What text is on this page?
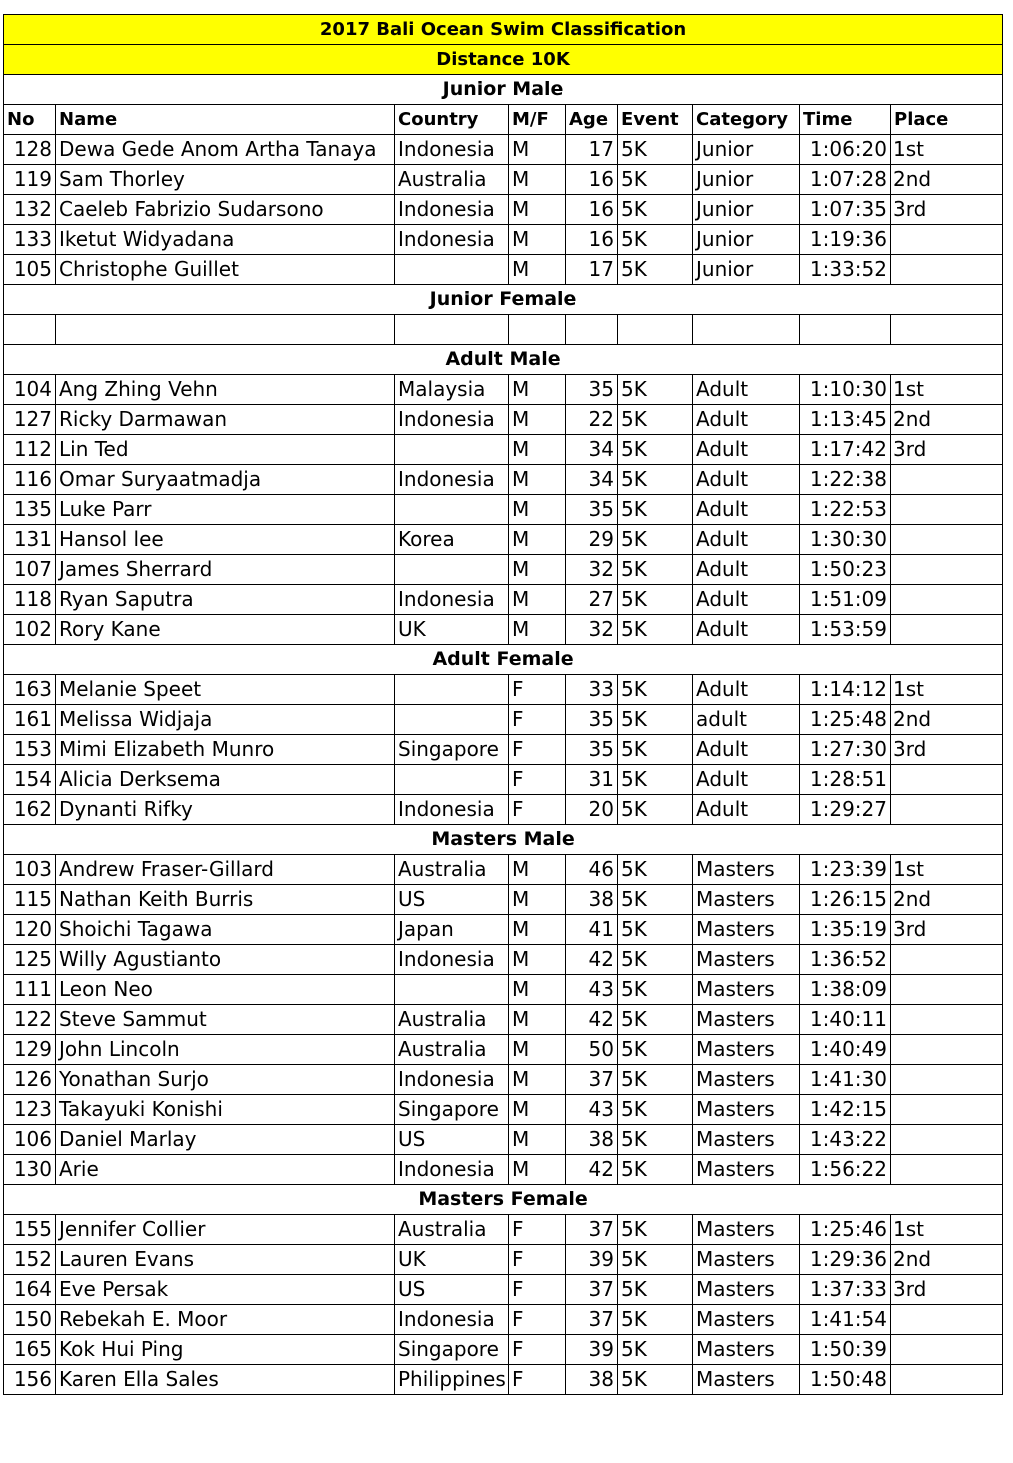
2017 Bali Ocean Swim Classification								
Distance 10K								
Junior Male								
No	Name	Country	M/F	Age	Event	Category	Time	Place
128	Dewa Gede Anom Artha Tanaya	Indonesia	M	17	5K	Junior	1:06:20	1st
119	Sam Thorley	Australia	M	16	5K	Junior	1:07:28	2nd
132	Caeleb Fabrizio Sudarsono	Indonesia	M	16	5K	Junior	1:07:35	3rd
133	Iketut Widyadana	Indonesia	M	16	5K	Junior	1:19:36	
105	Christophe Guillet		M	17	5K	Junior	1:33:52	
Junior Female								

Adult Male								
104	Ang Zhing Vehn	Malaysia	M	35	5K	Adult	1:10:30	1st
127	Ricky Darmawan	Indonesia	M	22	5K	Adult	1:13:45	2nd
112	Lin Ted		M	34	5K	Adult	1:17:42	3rd
116	Omar Suryaatmadja	Indonesia	M	34	5K	Adult	1:22:38	
135	Luke Parr		M	35	5K	Adult	1:22:53	
131	Hansol lee	Korea	M	29	5K	Adult	1:30:30	
107	James Sherrard		M	32	5K	Adult	1:50:23	
118	Ryan Saputra	Indonesia	M	27	5K	Adult	1:51:09	
102	Rory Kane	UK	M	32	5K	Adult	1:53:59	
Adult Female								
163	Melanie Speet		F	33	5K	Adult	1:14:12	1st
161	Melissa Widjaja		F	35	5K	adult	1:25:48	2nd
153	Mimi Elizabeth Munro	Singapore	F	35	5K	Adult	1:27:30	3rd
154	Alicia Derksema		F	31	5K	Adult	1:28:51	
162	Dynanti Rifky	Indonesia	F	20	5K	Adult	1:29:27	
Masters Male								
103	Andrew Fraser-Gillard	Australia	M	46	5K	Masters	1:23:39	1st
115	Nathan Keith Burris	US	M	38	5K	Masters	1:26:15	2nd
120	Shoichi Tagawa	Japan	M	41	5K	Masters	1:35:19	3rd
125	Willy Agustianto	Indonesia	M	42	5K	Masters	1:36:52	
111	Leon Neo		M	43	5K	Masters	1:38:09	
122	Steve Sammut	Australia	M	42	5K	Masters	1:40:11	
129	John Lincoln	Australia	M	50	5K	Masters	1:40:49	
126	Yonathan Surjo	Indonesia	M	37	5K	Masters	1:41:30	
123	Takayuki Konishi	Singapore	M	43	5K	Masters	1:42:15	
106	Daniel Marlay	US	M	38	5K	Masters	1:43:22	
130	Arie	Indonesia	M	42	5K	Masters	1:56:22	
Masters Female								
155	Jennifer Collier	Australia	F	37	5K	Masters	1:25:46	1st
152	Lauren Evans	UK	F	39	5K	Masters	1:29:36	2nd
164	Eve Persak	US	F	37	5K	Masters	1:37:33	3rd
150	Rebekah E. Moor	Indonesia	F	37	5K	Masters	1:41:54	
165	Kok Hui Ping	Singapore	F	39	5K	Masters	1:50:39	
156	Karen Ella Sales	Philippines	F	38	5K	Masters	1:50:48	
